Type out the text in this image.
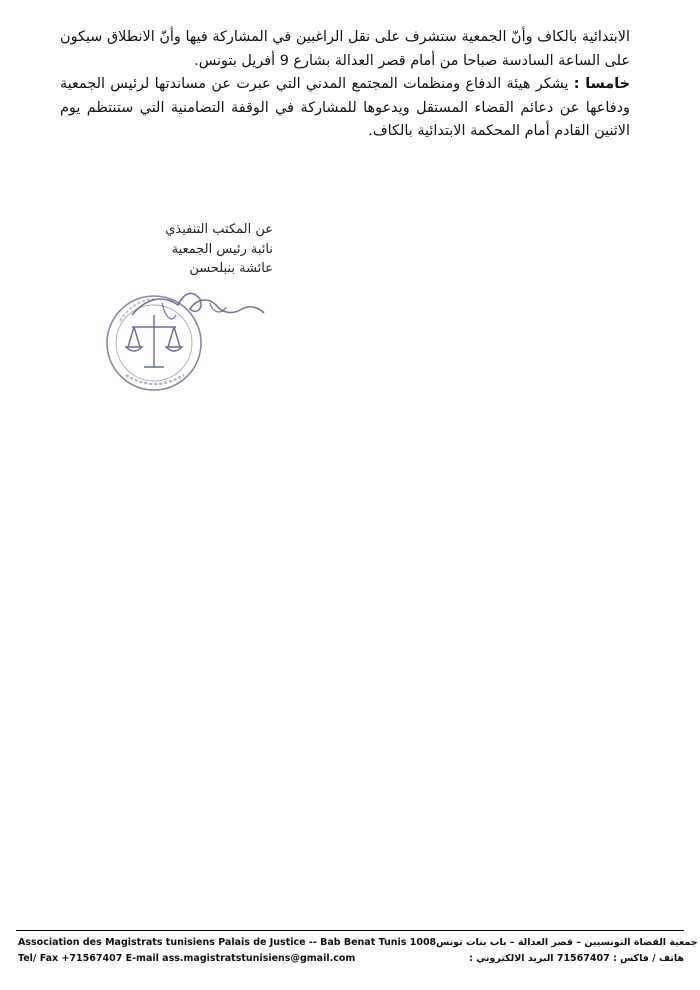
الابتدائية بالكاف وأنّ الجمعية ستشرف على نقل الراغبين في المشاركة فيها وأنّ الانطلاق سيكون على الساعة السادسة صباحا من أمام قصر العدالة بشارع 9 أفريل بتونس.

خامسا : يشكر هيئة الدفاع ومنظمات المجتمع المدني التي عبرت عن مساندتها لرئيس الجمعية ودفاعها عن دعائم القضاء المستقل ويدعوها للمشاركة في الوقفة التضامنية التي ستنتظم يوم الاثنين القادم أمام المحكمة الابتدائية بالكاف.

عن المكتب التنفيذي
نائبة رئيس الجمعية
عائشة بنبلحسن
Association des Magistrats tunisiens Palais de Justice -- Bab Benat Tunis 1008 جمعية القضاة التونسيين – قصر العدالة – باب بنات تونس
Tel/ Fax +71567407 E-mail ass.magistratstunisiens@gmail.com	هاتف / فاكس : 71567407 البريد الالكتروني :
